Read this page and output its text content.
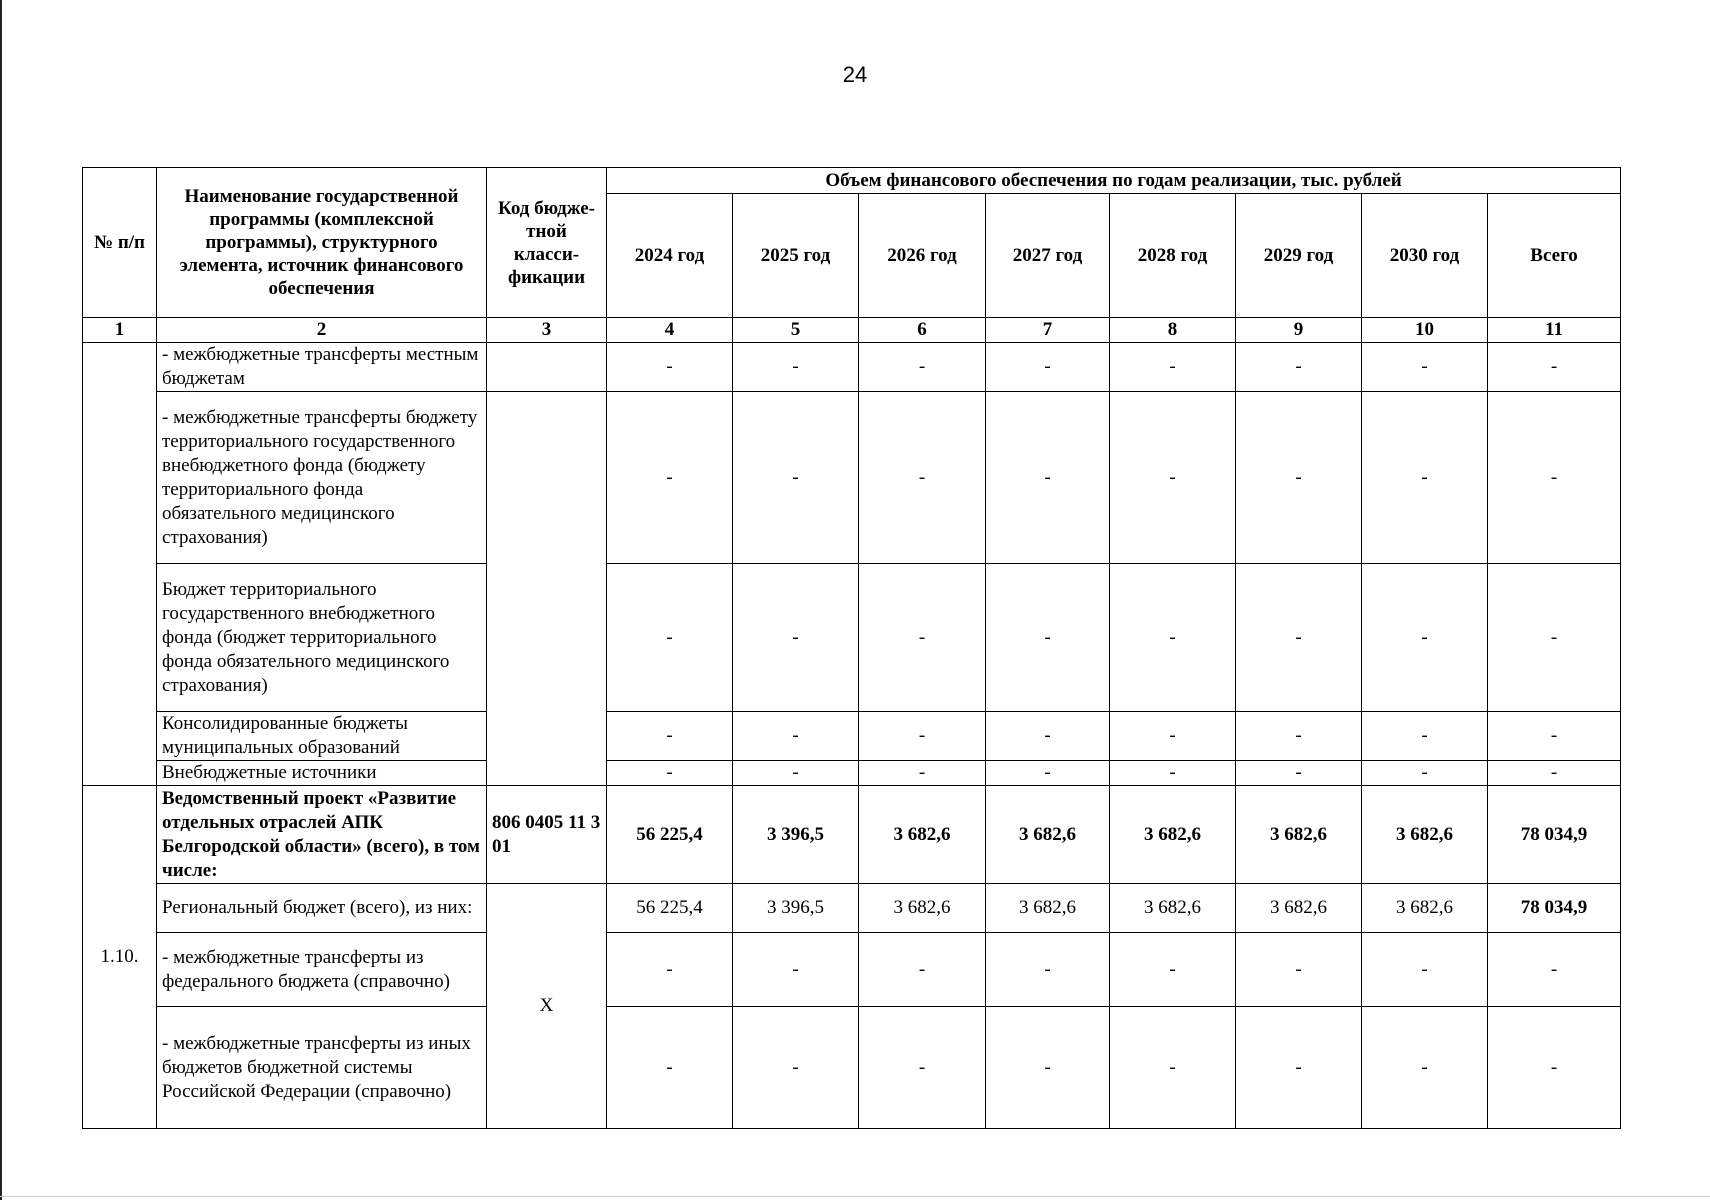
24
№ п/п	Наименование государственной программы (комплексной программы), структурного элемента, источник финансового обеспечения	Код бюдже-тной класси-фикации	Объем финансового обеспечения по годам реализации, тыс. рублей							
			2024 год	2025 год	2026 год	2027 год	2028 год	2029 год	2030 год	Всего
1	2	3	4	5	6	7	8	9	10	11
	- межбюджетные трансферты местным бюджетам		-	-	-	-	-	-	-	-
	- межбюджетные трансферты бюджету территориального государственного внебюджетного фонда (бюджету территориального фонда обязательного медицинского страхования)		-	-	-	-	-	-	-	-
	Бюджет территориального государственного внебюджетного фонда (бюджет территориального фонда обязательного медицинского страхования)		-	-	-	-	-	-	-	-
	Консолидированные бюджеты муниципальных образований		-	-	-	-	-	-	-	-
	Внебюджетные источники		-	-	-	-	-	-	-	-
1.10.	Ведомственный проект «Развитие отдельных отраслей АПК Белгородской области» (всего), в том числе:	806 0405 11 3 01	56 225,4	3 396,5	3 682,6	3 682,6	3 682,6	3 682,6	3 682,6	78 034,9
	Региональный бюджет (всего), из них:	X	56 225,4	3 396,5	3 682,6	3 682,6	3 682,6	3 682,6	3 682,6	78 034,9
	- межбюджетные трансферты из федерального бюджета (справочно)		-	-	-	-	-	-	-	-
	- межбюджетные трансферты из иных бюджетов бюджетной системы Российской Федерации (справочно)		-	-	-	-	-	-	-	-
